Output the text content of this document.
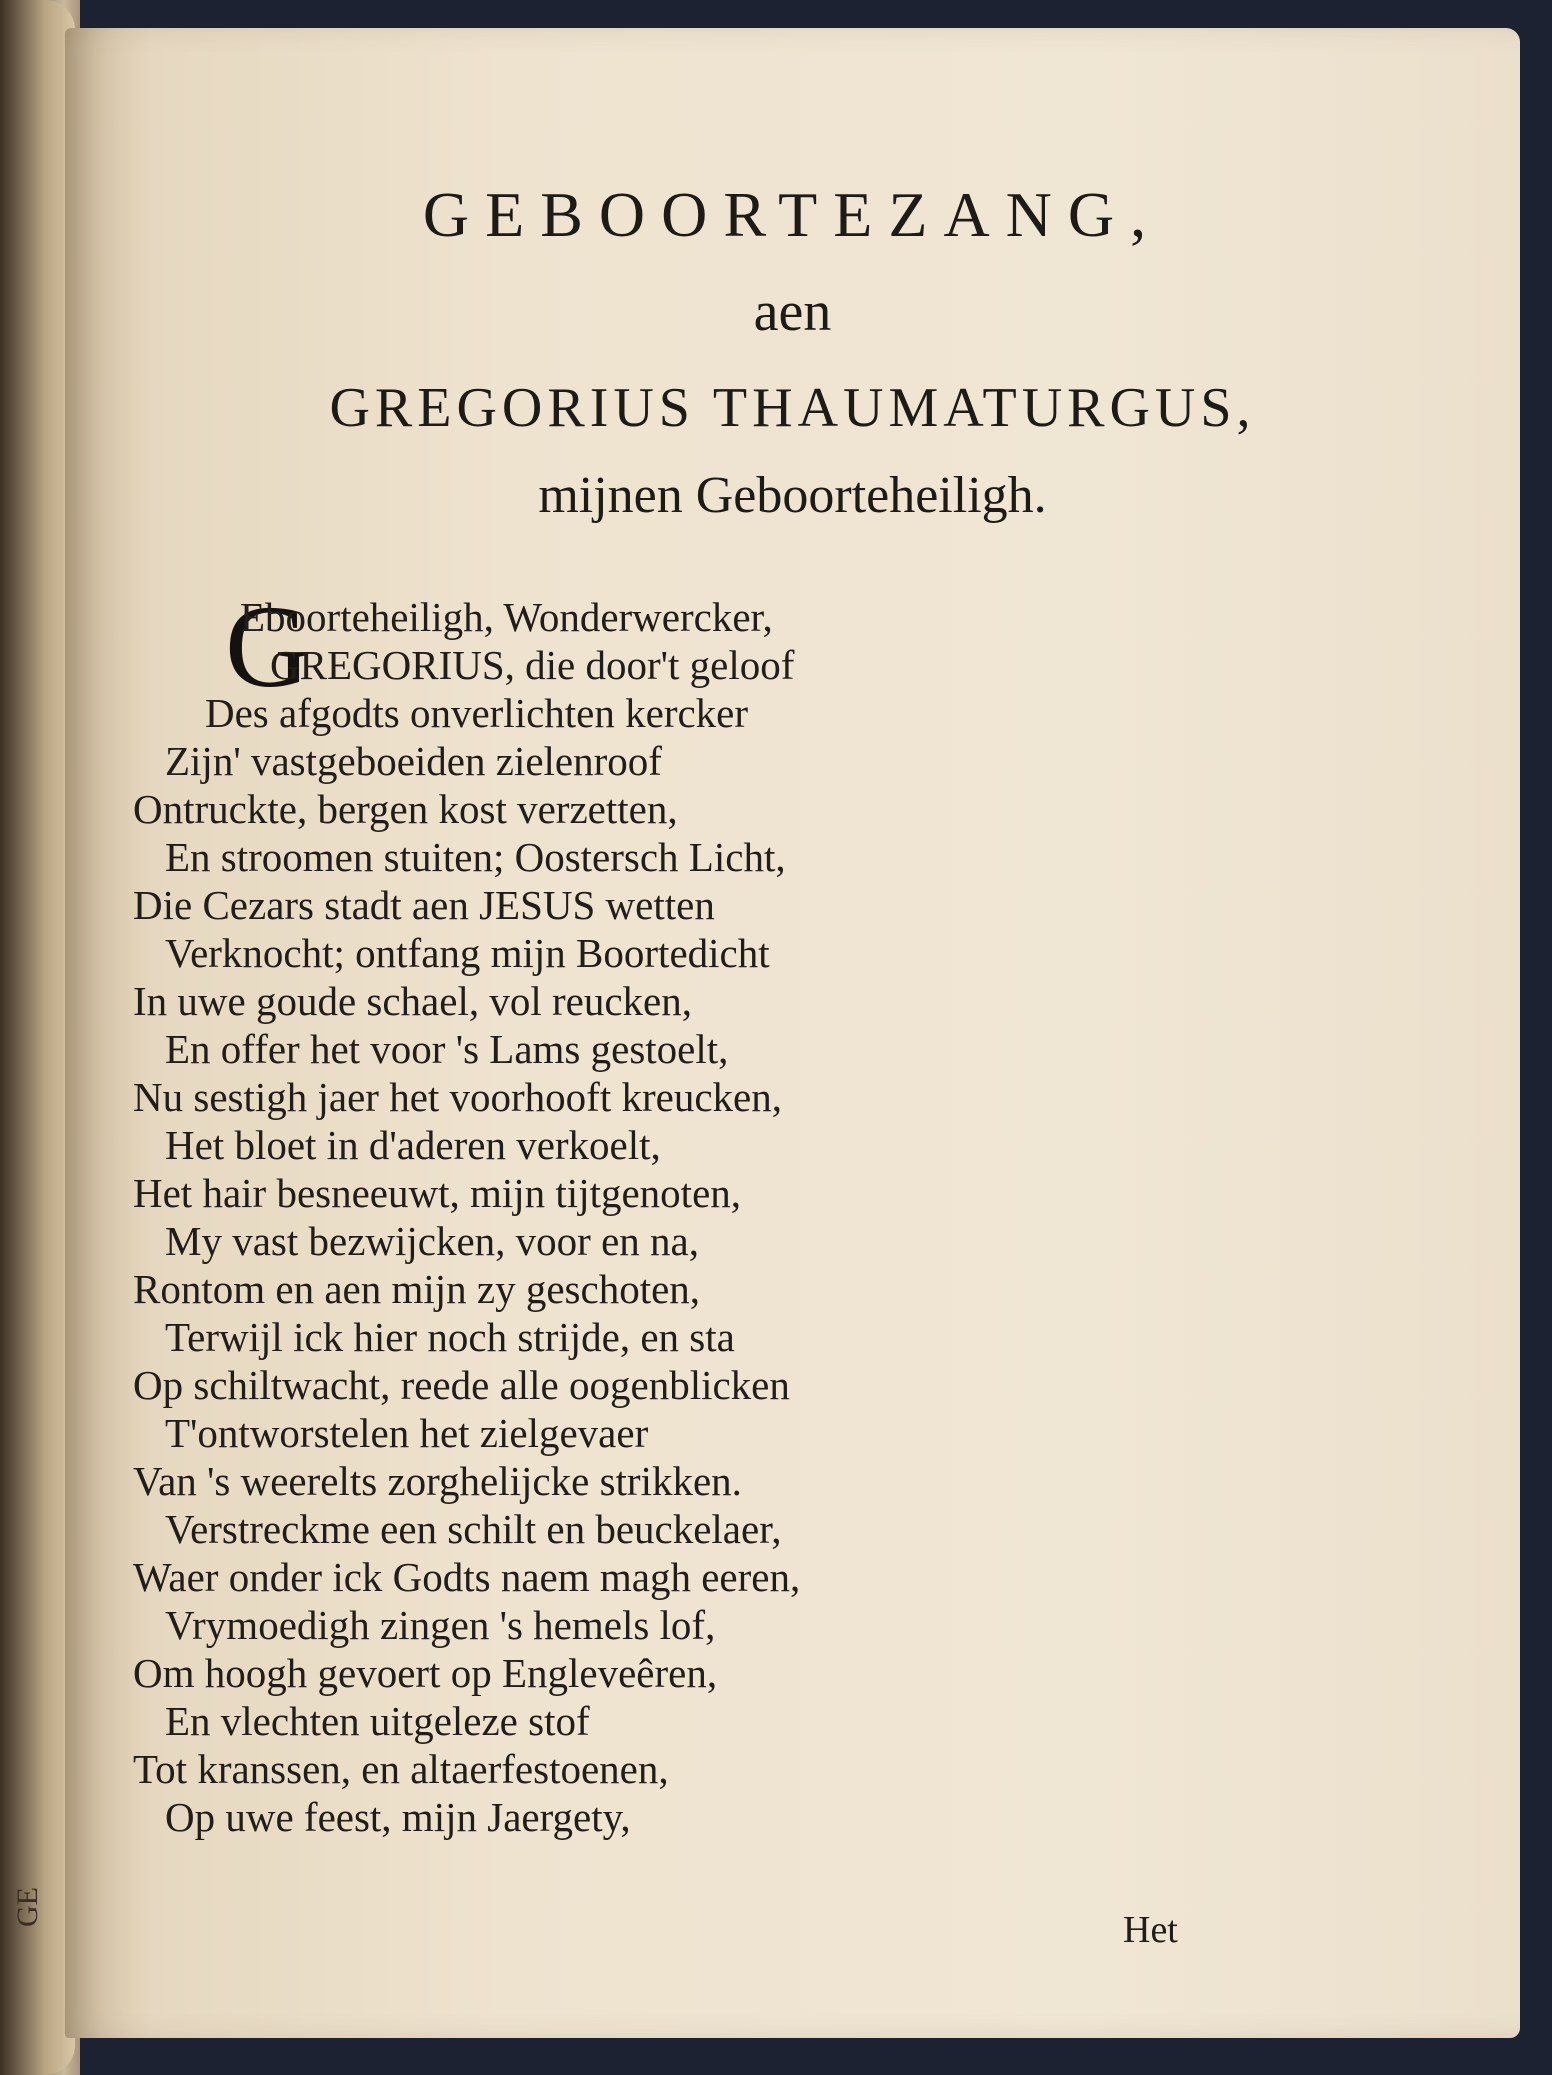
GE
GEBOORTEZANG,
aen
GREGORIUS THAUMATURGUS,
mijnen Geboorteheiligh.
G
Eboorteheiligh, Wonderwercker,
GREGORIUS, die door't geloof
Des afgodts onverlichten kercker
Zijn' vastgeboeiden zielenroof
Ontruckte, bergen kost verzetten,
En stroomen stuiten; Oostersch Licht,
Die Cezars stadt aen JESUS wetten
Verknocht; ontfang mijn Boortedicht
In uwe goude schael, vol reucken,
En offer het voor 's Lams gestoelt,
Nu sestigh jaer het voorhooft kreucken,
Het bloet in d'aderen verkoelt,
Het hair besneeuwt, mijn tijtgenoten,
My vast bezwijcken, voor en na,
Rontom en aen mijn zy geschoten,
Terwijl ick hier noch strijde, en sta
Op schiltwacht, reede alle oogenblicken
T'ontworstelen het zielgevaer
Van 's weerelts zorghelijcke strikken.
Verstreckme een schilt en beuckelaer,
Waer onder ick Godts naem magh eeren,
Vrymoedigh zingen 's hemels lof,
Om hoogh gevoert op Engleveêren,
En vlechten uitgeleze stof
Tot kranssen, en altaerfestoenen,
Op uwe feest, mijn Jaergety,
Het
